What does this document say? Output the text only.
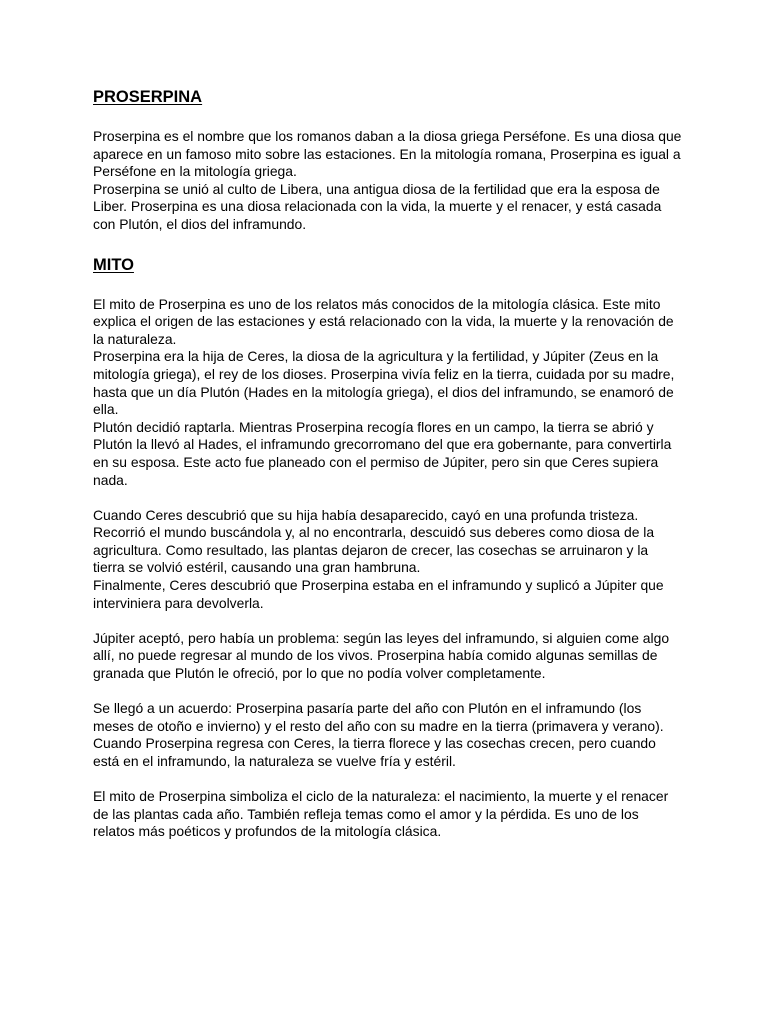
PROSERPINA

Proserpina es el nombre que los romanos daban a la diosa griega Perséfone. Es una diosa que aparece en un famoso mito sobre las estaciones. En la mitología romana, Proserpina es igual a Perséfone en la mitología griega.

Proserpina se unió al culto de Libera, una antigua diosa de la fertilidad que era la esposa de Liber. Proserpina es una diosa relacionada con la vida, la muerte y el renacer, y está casada con Plutón, el dios del inframundo.

MITO

El mito de Proserpina es uno de los relatos más conocidos de la mitología clásica. Este mito explica el origen de las estaciones y está relacionado con la vida, la muerte y la renovación de la naturaleza.

Proserpina era la hija de Ceres, la diosa de la agricultura y la fertilidad, y Júpiter (Zeus en la mitología griega), el rey de los dioses. Proserpina vivía feliz en la tierra, cuidada por su madre, hasta que un día Plutón (Hades en la mitología griega), el dios del inframundo, se enamoró de ella.

Plutón decidió raptarla. Mientras Proserpina recogía flores en un campo, la tierra se abrió y Plutón la llevó al Hades, el inframundo grecorromano del que era gobernante, para convertirla en su esposa. Este acto fue planeado con el permiso de Júpiter, pero sin que Ceres supiera nada.

Cuando Ceres descubrió que su hija había desaparecido, cayó en una profunda tristeza. Recorrió el mundo buscándola y, al no encontrarla, descuidó sus deberes como diosa de la agricultura. Como resultado, las plantas dejaron de crecer, las cosechas se arruinaron y la tierra se volvió estéril, causando una gran hambruna.

Finalmente, Ceres descubrió que Proserpina estaba en el inframundo y suplicó a Júpiter que interviniera para devolverla.

Júpiter aceptó, pero había un problema: según las leyes del inframundo, si alguien come algo allí, no puede regresar al mundo de los vivos. Proserpina había comido algunas semillas de granada que Plutón le ofreció, por lo que no podía volver completamente.

Se llegó a un acuerdo: Proserpina pasaría parte del año con Plutón en el inframundo (los meses de otoño e invierno) y el resto del año con su madre en la tierra (primavera y verano). Cuando Proserpina regresa con Ceres, la tierra florece y las cosechas crecen, pero cuando está en el inframundo, la naturaleza se vuelve fría y estéril.

El mito de Proserpina simboliza el ciclo de la naturaleza: el nacimiento, la muerte y el renacer de las plantas cada año. También refleja temas como el amor y la pérdida. Es uno de los relatos más poéticos y profundos de la mitología clásica.
